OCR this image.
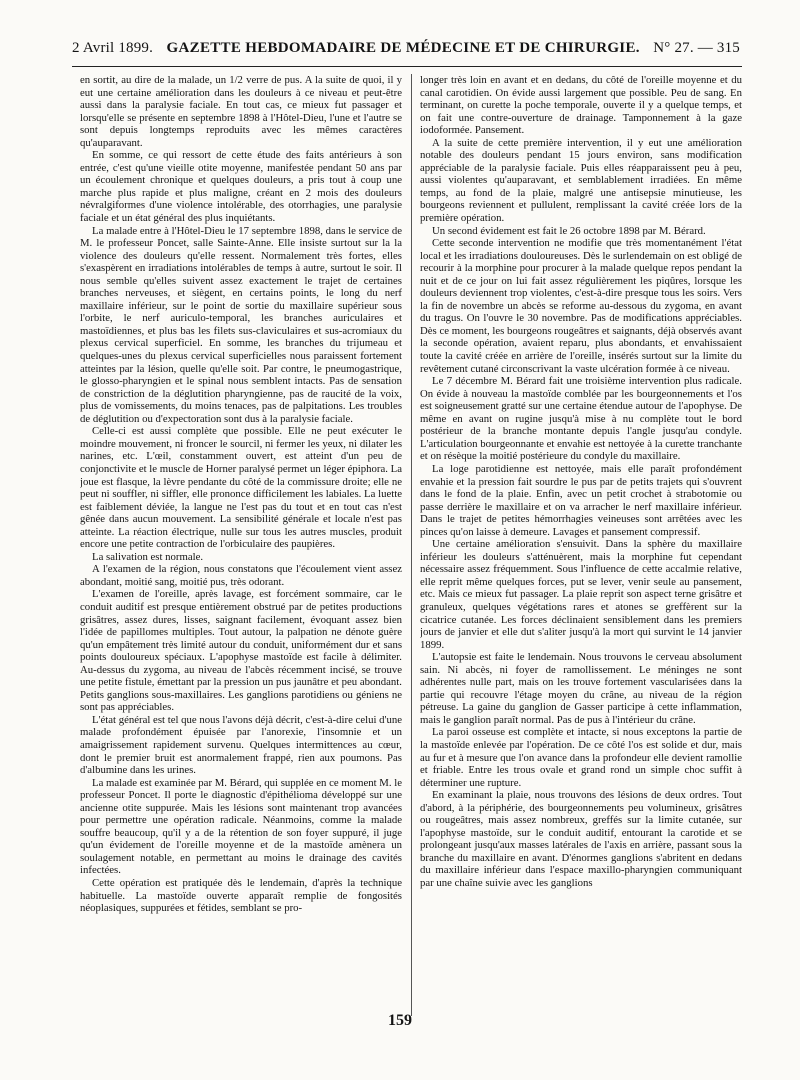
2 Avril 1899. GAZETTE HEBDOMADAIRE DE MÉDECINE ET DE CHIRURGIE. N° 27. — 315

en sortit, au dire de la malade, un 1/2 verre de pus. A la suite de quoi, il y eut une certaine amélioration dans les douleurs à ce niveau et peut-être aussi dans la paralysie faciale. En tout cas, ce mieux fut passager et lorsqu'elle se présente en septembre 1898 à l'Hôtel-Dieu, l'une et l'autre se sont depuis longtemps reproduits avec les mêmes caractères qu'auparavant.

En somme, ce qui ressort de cette étude des faits antérieurs à son entrée, c'est qu'une vieille otite moyenne, manifestée pendant 50 ans par un écoulement chronique et quelques douleurs, a pris tout à coup une marche plus rapide et plus maligne, créant en 2 mois des douleurs névralgiformes d'une violence intolérable, des otorrhagies, une paralysie faciale et un état général des plus inquiétants.

La malade entre à l'Hôtel-Dieu le 17 septembre 1898, dans le service de M. le professeur Poncet, salle Sainte-Anne. Elle insiste surtout sur la la violence des douleurs qu'elle ressent. Normalement très fortes, elles s'exaspèrent en irradiations intolérables de temps à autre, surtout le soir. Il nous semble qu'elles suivent assez exactement le trajet de certaines branches nerveuses, et siègent, en certains points, le long du nerf maxillaire inférieur, sur le point de sortie du maxillaire supérieur sous l'orbite, le nerf auriculo-temporal, les branches auriculaires et mastoïdiennes, et plus bas les filets sus-claviculaires et sus-acromiaux du plexus cervical superficiel. En somme, les branches du trijumeau et quelques-unes du plexus cervical superficielles nous paraissent fortement atteintes par la lésion, quelle qu'elle soit. Par contre, le pneumogastrique, le glosso-pharyngien et le spinal nous semblent intacts. Pas de sensation de constriction de la déglutition pharyngienne, pas de raucité de la voix, plus de vomissements, du moins tenaces, pas de palpitations. Les troubles de déglutition ou d'expectoration sont dus à la paralysie faciale.

Celle-ci est aussi complète que possible. Elle ne peut exécuter le moindre mouvement, ni froncer le sourcil, ni fermer les yeux, ni dilater les narines, etc. L'œil, constamment ouvert, est atteint d'un peu de conjonctivite et le muscle de Horner paralysé permet un léger épiphora. La joue est flasque, la lèvre pendante du côté de la commissure droite; elle ne peut ni souffler, ni siffler, elle prononce difficilement les labiales. La luette est faiblement déviée, la langue ne l'est pas du tout et en tout cas n'est gênée dans aucun mouvement. La sensibilité générale et locale n'est pas atteinte. La réaction électrique, nulle sur tous les autres muscles, produit encore une petite contraction de l'orbiculaire des paupières.

La salivation est normale.

A l'examen de la région, nous constatons que l'écoulement vient assez abondant, moitié sang, moitié pus, très odorant.

L'examen de l'oreille, après lavage, est forcément sommaire, car le conduit auditif est presque entièrement obstrué par de petites productions grisâtres, assez dures, lisses, saignant facilement, évoquant assez bien l'idée de papillomes multiples. Tout autour, la palpation ne dénote guère qu'un empâtement très limité autour du conduit, uniformément dur et sans points douloureux spéciaux. L'apophyse mastoïde est facile à délimiter. Au-dessus du zygoma, au niveau de l'abcès récemment incisé, se trouve une petite fistule, émettant par la pression un pus jaunâtre et peu abondant. Petits ganglions sous-maxillaires. Les ganglions parotidiens ou géniens ne sont pas appréciables.

L'état général est tel que nous l'avons déjà décrit, c'est-à-dire celui d'une malade profondément épuisée par l'anorexie, l'insomnie et un amaigrissement rapidement survenu. Quelques intermittences au cœur, dont le premier bruit est anormalement frappé, rien aux poumons. Pas d'albumine dans les urines.

La malade est examinée par M. Bérard, qui supplée en ce moment M. le professeur Poncet. Il porte le diagnostic d'épithélioma développé sur une ancienne otite suppurée. Mais les lésions sont maintenant trop avancées pour permettre une opération radicale. Néanmoins, comme la malade souffre beaucoup, qu'il y a de la rétention de son foyer suppuré, il juge qu'un évidement de l'oreille moyenne et de la mastoïde amènera un soulagement notable, en permettant au moins le drainage des cavités infectées.

Cette opération est pratiquée dès le lendemain, d'après la technique habituelle. La mastoïde ouverte apparaît remplie de fongosités néoplasiques, suppurées et fétides, semblant se pro-

longer très loin en avant et en dedans, du côté de l'oreille moyenne et du canal carotidien. On évide aussi largement que possible. Peu de sang. En terminant, on curette la poche temporale, ouverte il y a quelque temps, et on fait une contre-ouverture de drainage. Tamponnement à la gaze iodoformée. Pansement.

A la suite de cette première intervention, il y eut une amélioration notable des douleurs pendant 15 jours environ, sans modification appréciable de la paralysie faciale. Puis elles réapparaissent peu à peu, aussi violentes qu'auparavant, et semblablement irradiées. En même temps, au fond de la plaie, malgré une antisepsie minutieuse, les bourgeons reviennent et pullulent, remplissant la cavité créée lors de la première opération.

Un second évidement est fait le 26 octobre 1898 par M. Bérard.

Cette seconde intervention ne modifie que très momentanément l'état local et les irradiations douloureuses. Dès le surlendemain on est obligé de recourir à la morphine pour procurer à la malade quelque repos pendant la nuit et de ce jour on lui fait assez régulièrement les piqûres, lorsque les douleurs deviennent trop violentes, c'est-à-dire presque tous les soirs. Vers la fin de novembre un abcès se reforme au-dessous du zygoma, en avant du tragus. On l'ouvre le 30 novembre. Pas de modifications appréciables. Dès ce moment, les bourgeons rougeâtres et saignants, déjà observés avant la seconde opération, avaient reparu, plus abondants, et envahissaient toute la cavité créée en arrière de l'oreille, insérés surtout sur la limite du revêtement cutané circonscrivant la vaste ulcération formée à ce niveau.

Le 7 décembre M. Bérard fait une troisième intervention plus radicale. On évide à nouveau la mastoïde comblée par les bourgeonnements et l'os est soigneusement gratté sur une certaine étendue autour de l'apophyse. De même en avant on rugine jusqu'à mise à nu complète tout le bord postérieur de la branche montante depuis l'angle jusqu'au condyle. L'articulation bourgeonnante et envahie est nettoyée à la curette tranchante et on résèque la moitié postérieure du condyle du maxillaire.

La loge parotidienne est nettoyée, mais elle paraît profondément envahie et la pression fait sourdre le pus par de petits trajets qui s'ouvrent dans le fond de la plaie. Enfin, avec un petit crochet à strabotomie ou passe derrière le maxillaire et on va arracher le nerf maxillaire inférieur. Dans le trajet de petites hémorrhagies veineuses sont arrêtées avec les pinces qu'on laisse à demeure. Lavages et pansement compressif.

Une certaine amélioration s'ensuivit. Dans la sphère du maxillaire inférieur les douleurs s'atténuèrent, mais la morphine fut cependant nécessaire assez fréquemment. Sous l'influence de cette accalmie relative, elle reprit même quelques forces, put se lever, venir seule au pansement, etc. Mais ce mieux fut passager. La plaie reprit son aspect terne grisâtre et granuleux, quelques végétations rares et atones se greffèrent sur la cicatrice cutanée. Les forces déclinaient sensiblement dans les premiers jours de janvier et elle dut s'aliter jusqu'à la mort qui survint le 14 janvier 1899.

L'autopsie est faite le lendemain. Nous trouvons le cerveau absolument sain. Ni abcès, ni foyer de ramollissement. Le méninges ne sont adhérentes nulle part, mais on les trouve fortement vascularisées dans la partie qui recouvre l'étage moyen du crâne, au niveau de la région pétreuse. La gaine du ganglion de Gasser participe à cette inflammation, mais le ganglion paraît normal. Pas de pus à l'intérieur du crâne.

La paroi osseuse est complète et intacte, si nous exceptons la partie de la mastoïde enlevée par l'opération. De ce côté l'os est solide et dur, mais au fur et à mesure que l'on avance dans la profondeur elle devient ramollie et friable. Entre les trous ovale et grand rond un simple choc suffit à déterminer une rupture.

En examinant la plaie, nous trouvons des lésions de deux ordres. Tout d'abord, à la périphérie, des bourgeonnements peu volumineux, grisâtres ou rougeâtres, mais assez nombreux, greffés sur la limite cutanée, sur l'apophyse mastoïde, sur le conduit auditif, entourant la carotide et se prolongeant jusqu'aux masses latérales de l'axis en arrière, passant sous la branche du maxillaire en avant. D'énormes ganglions s'abritent en dedans du maxillaire inférieur dans l'espace maxillo-pharyngien communiquant par une chaîne suivie avec les ganglions

159
